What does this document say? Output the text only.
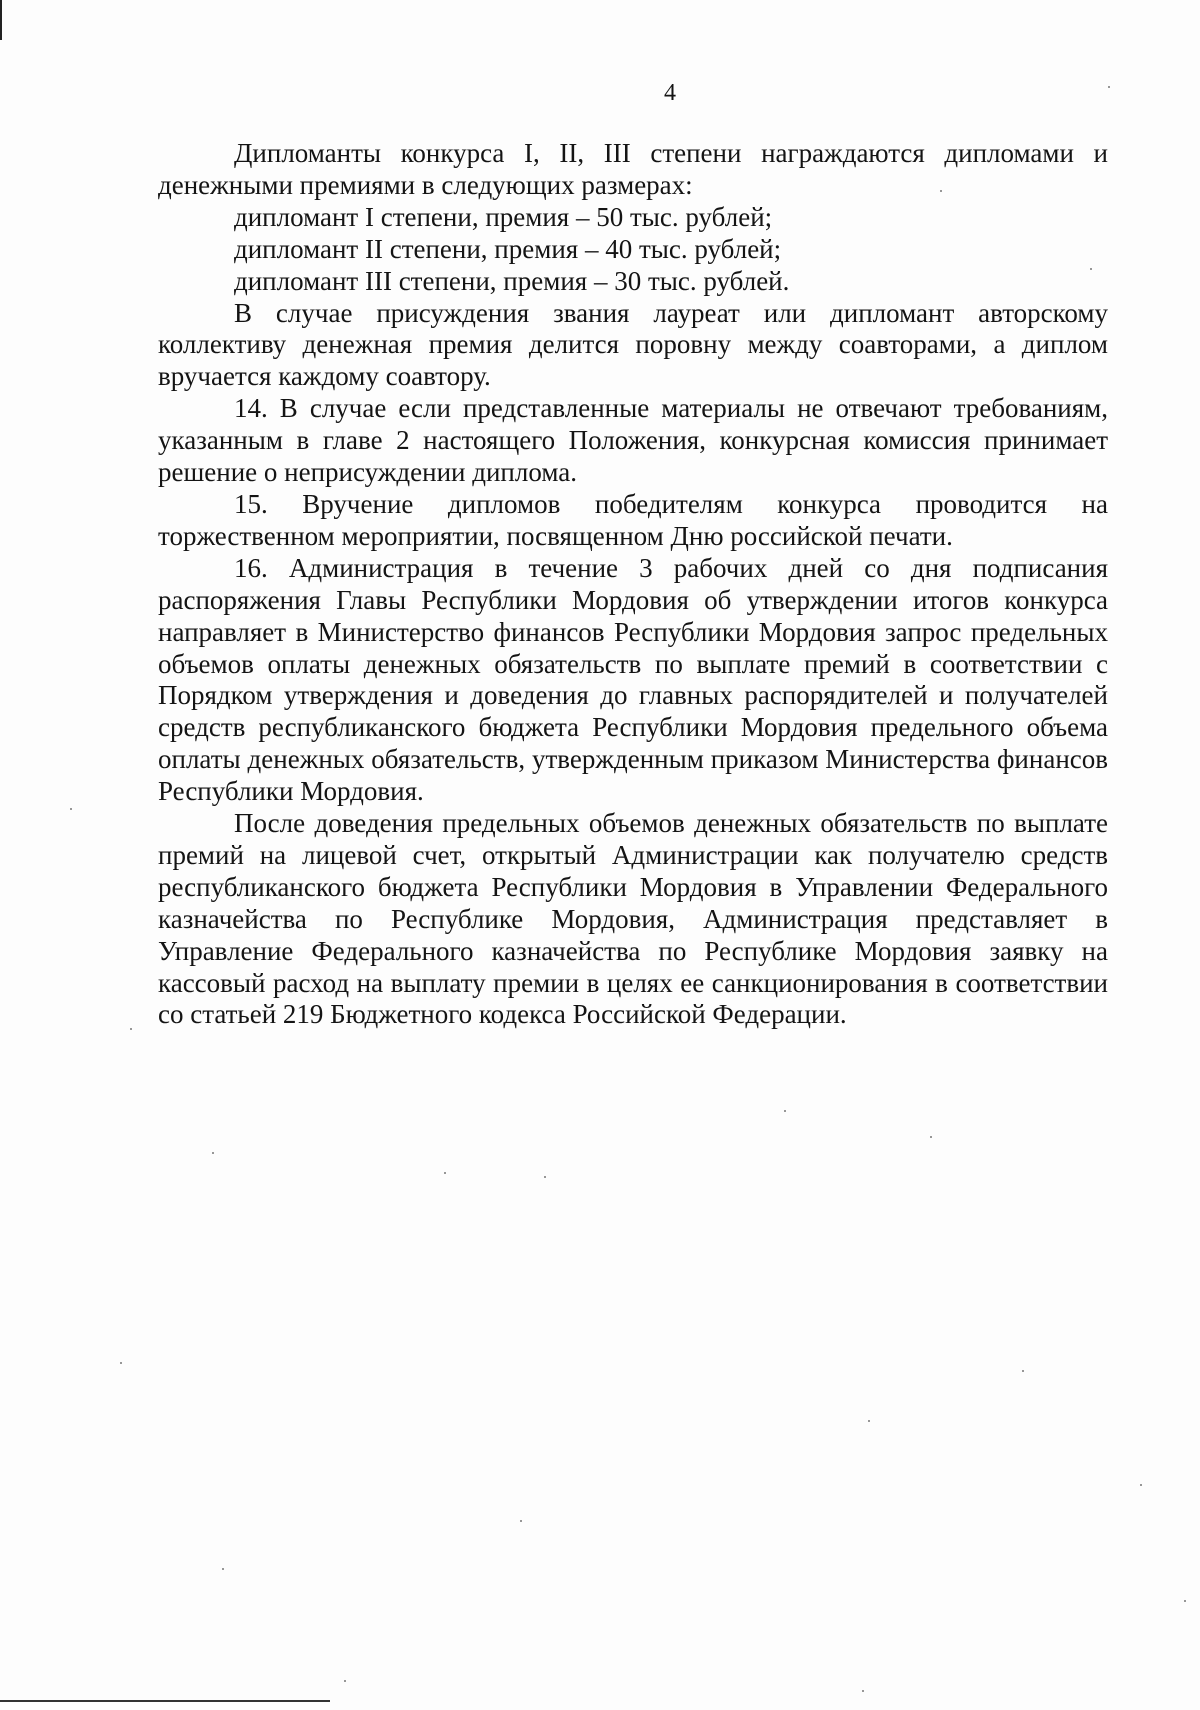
4

Дипломанты конкурса I, II, III степени награждаются дипломами и денежными премиями в следующих размерах:

дипломант I степени, премия – 50 тыс. рублей;

дипломант II степени, премия – 40 тыс. рублей;

дипломант III степени, премия – 30 тыс. рублей.

В случае присуждения звания лауреат или дипломант авторскому коллективу денежная премия делится поровну между соавторами, а диплом вручается каждому соавтору.

14. В случае если представленные материалы не отвечают требованиям, указанным в главе 2 настоящего Положения, конкурсная комиссия принимает решение о неприсуждении диплома.

15. Вручение дипломов победителям конкурса проводится на торжественном мероприятии, посвященном Дню российской печати.

16. Администрация в течение 3 рабочих дней со дня подписания распоряжения Главы Республики Мордовия об утверждении итогов конкурса направляет в Министерство финансов Республики Мордовия запрос предельных объемов оплаты денежных обязательств по выплате премий в соответствии с Порядком утверждения и доведения до главных распорядителей и получателей средств республиканского бюджета Республики Мордовия предельного объема оплаты денежных обязательств, утвержденным приказом Министерства финансов Республики Мордовия.

После доведения предельных объемов денежных обязательств по выплате премий на лицевой счет, открытый Администрации как получателю средств республиканского бюджета Республики Мордовия в Управлении Федерального казначейства по Республике Мордовия, Администрация представляет в Управление Федерального казначейства по Республике Мордовия заявку на кассовый расход на выплату премии в целях ее санкционирования в соответствии со статьей 219 Бюджетного кодекса Российской Федерации.
